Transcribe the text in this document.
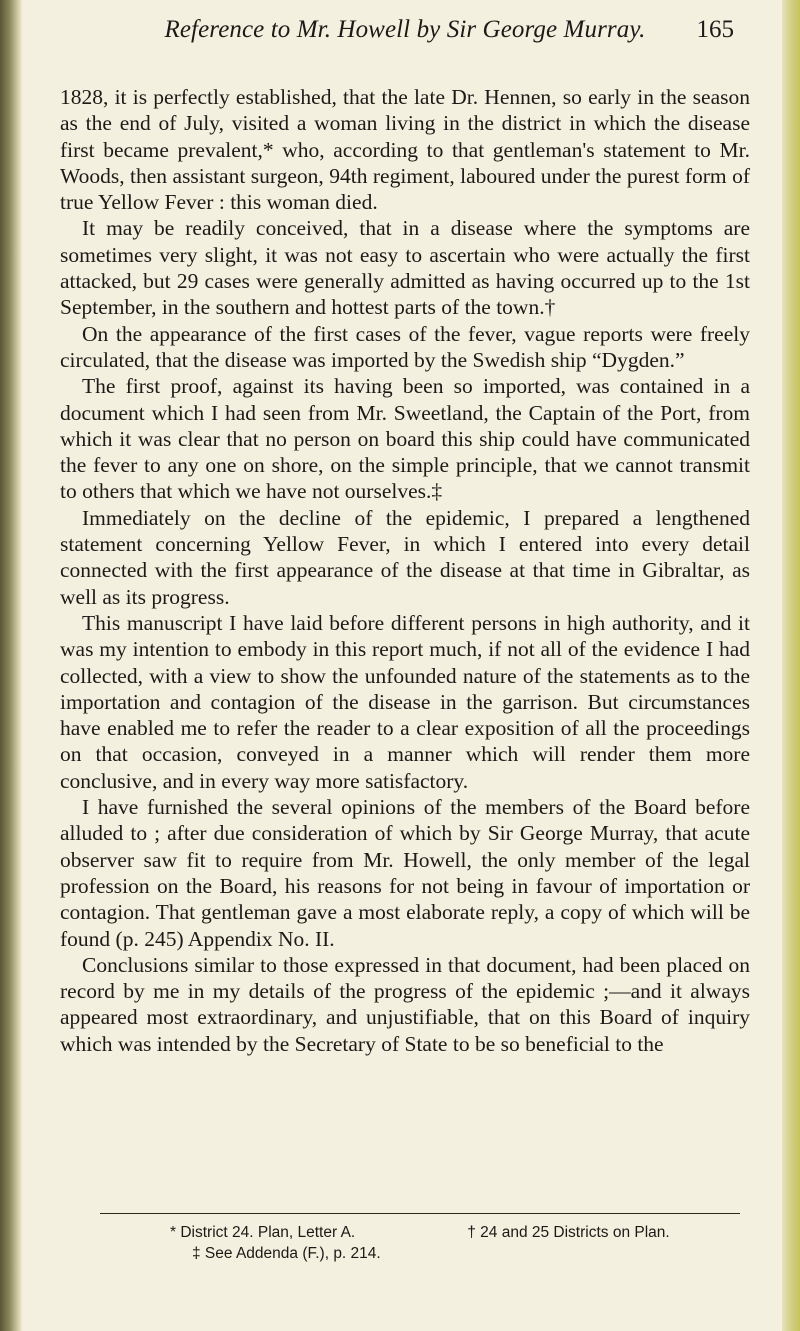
Reference to Mr. Howell by Sir George Murray.	165

1828, it is perfectly established, that the late Dr. Hennen, so early in the season as the end of July, visited a woman living in the district in which the disease first became prevalent,* who, according to that gentleman's statement to Mr. Woods, then assistant surgeon, 94th regiment, laboured under the purest form of true Yellow Fever : this woman died.

It may be readily conceived, that in a disease where the symptoms are sometimes very slight, it was not easy to ascertain who were actually the first attacked, but 29 cases were generally admitted as having occurred up to the 1st September, in the southern and hottest parts of the town.†

On the appearance of the first cases of the fever, vague reports were freely circulated, that the disease was imported by the Swedish ship “Dygden.”

The first proof, against its having been so imported, was contained in a document which I had seen from Mr. Sweetland, the Captain of the Port, from which it was clear that no person on board this ship could have communicated the fever to any one on shore, on the simple principle, that we cannot transmit to others that which we have not ourselves.‡

Immediately on the decline of the epidemic, I prepared a lengthened statement concerning Yellow Fever, in which I entered into every detail connected with the first appearance of the disease at that time in Gibraltar, as well as its progress.

This manuscript I have laid before different persons in high authority, and it was my intention to embody in this report much, if not all of the evidence I had collected, with a view to show the unfounded nature of the statements as to the importation and contagion of the disease in the garrison. But circumstances have enabled me to refer the reader to a clear exposition of all the proceedings on that occasion, conveyed in a manner which will render them more conclusive, and in every way more satisfactory.

I have furnished the several opinions of the members of the Board before alluded to ; after due consideration of which by Sir George Murray, that acute observer saw fit to require from Mr. Howell, the only member of the legal profession on the Board, his reasons for not being in favour of importation or contagion. That gentleman gave a most elaborate reply, a copy of which will be found (p. 245) Appendix No. II.

Conclusions similar to those expressed in that document, had been placed on record by me in my details of the progress of the epidemic ;—and it always appeared most extraordinary, and unjustifiable, that on this Board of inquiry which was intended by the Secretary of State to be so beneficial to the

* District 24. Plan, Letter A.	† 24 and 25 Districts on Plan.
‡ See Addenda (F.), p. 214.
